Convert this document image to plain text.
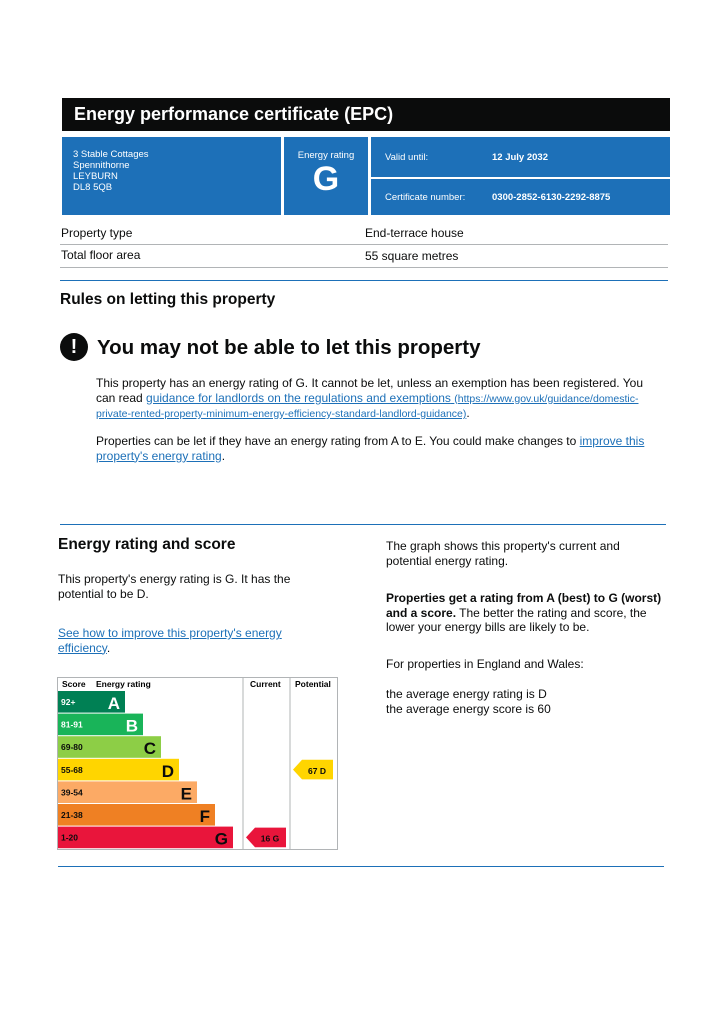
Energy performance certificate (EPC)
3 Stable Cottages
Spennithorne
LEYBURN
DL8 5QB
Energy rating
G
Valid until:	12 July 2032
Certificate number:	0300-2852-6130-2292-8875
Property type	End-terrace house
Total floor area	55 square metres
Rules on letting this property
! You may not be able to let this property

This property has an energy rating of G. It cannot be let, unless an exemption has been registered. You can read guidance for landlords on the regulations and exemptions (https://www.gov.uk/guidance/domestic-private-rented-property-minimum-energy-efficiency-standard-landlord-guidance).

Properties can be let if they have an energy rating from A to E. You could make changes to improve this property's energy rating.

Energy rating and score

This property's energy rating is G. It has the potential to be D.

See how to improve this property's energy efficiency.

The graph shows this property's current and potential energy rating.

Properties get a rating from A (best) to G (worst) and a score. The better the rating and score, the lower your energy bills are likely to be.

For properties in England and Wales:

the average energy rating is D

the average energy score is 60

Score Energy rating	Current Potential
92+ A
81-91	B
69-80	C
55-68	D
39-54	E
21-38	F
1-20	G	16 G
67 D
